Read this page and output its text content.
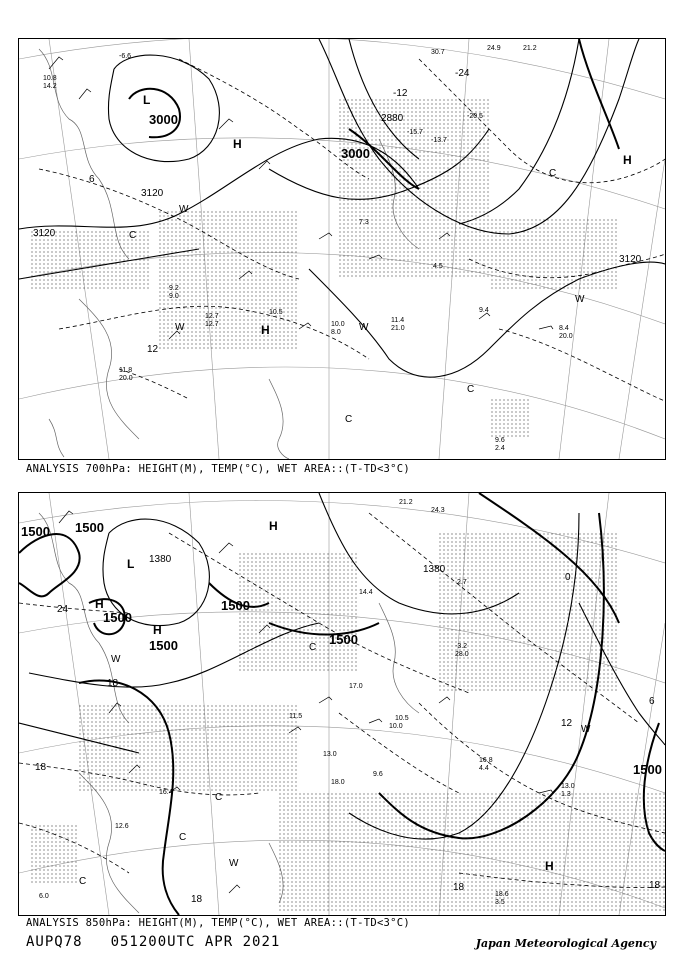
3000
3120
2880
3000
3120
3120
L
H
H
H
C
C
C
W
W	W
W
C
6
12
-12
-24
10.8
14.2
-6.6
30.7
24.9	21.2
-20.5
-15.7
-13.7
4.5
7.3
9.4
11.4
21.0
10.0
8.0
8.4
20.0
9.6
2.4
11.8
20.0
12.7
12.7
10.5
9.2
9.0
ANALYSIS 700hPa: HEIGHT(M), TEMP(°C), WET AREA::(T-TD<3°C)
1500 1500
1500
1380
1500
1380
1500
1500
1500
L
H
H
H
C
C
C
W
W
W
C
H
24
18
18
18
12
6
0
18	18
21.2
24.3
14.4
17.0
-3.2
28.0
10.5
16.8
4.4
18.6
13.0
1.3
11.5
10.0
9.6
16.4
3.5
12.6
13.0
2.7
18.0
6.0
ANALYSIS 850hPa: HEIGHT(M), TEMP(°C), WET AREA::(T-TD<3°C)
AUPQ78 051200UTC APR 2021	Japan Meteorological Agency
